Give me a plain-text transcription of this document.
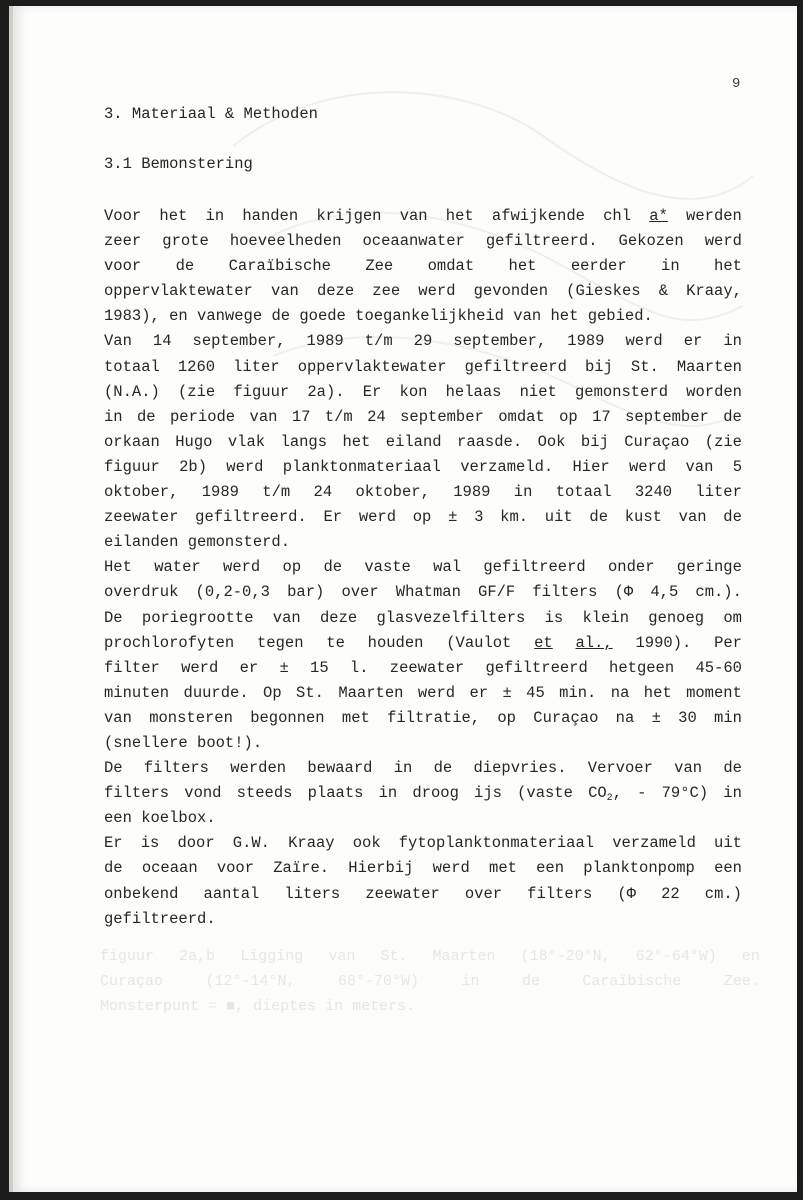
9
3. Materiaal & Methoden
3.1 Bemonstering
Voor het in handen krijgen van het afwijkende chl a* werden
zeer grote hoeveelheden oceaanwater gefiltreerd. Gekozen werd
voor de Caraïbische Zee omdat het eerder in het
oppervlaktewater van deze zee werd gevonden (Gieskes & Kraay,
1983), en vanwege de goede toegankelijkheid van het gebied.
Van 14 september, 1989 t/m 29 september, 1989 werd er in
totaal 1260 liter oppervlaktewater gefiltreerd bij St. Maarten
(N.A.) (zie figuur 2a). Er kon helaas niet gemonsterd worden
in de periode van 17 t/m 24 september omdat op 17 september de
orkaan Hugo vlak langs het eiland raasde. Ook bij Curaçao (zie
figuur 2b) werd planktonmateriaal verzameld. Hier werd van 5
oktober, 1989 t/m 24 oktober, 1989 in totaal 3240 liter
zeewater gefiltreerd. Er werd op ± 3 km. uit de kust van de
eilanden gemonsterd.
Het water werd op de vaste wal gefiltreerd onder geringe
overdruk (0,2-0,3 bar) over Whatman GF/F filters (Φ 4,5 cm.).
De poriegrootte van deze glasvezelfilters is klein genoeg om
prochlorofyten tegen te houden (Vaulot et al., 1990). Per
filter werd er ± 15 l. zeewater gefiltreerd hetgeen 45-60
minuten duurde. Op St. Maarten werd er ± 45 min. na het moment
van monsteren begonnen met filtratie, op Curaçao na ± 30 min
(snellere boot!).
De filters werden bewaard in de diepvries. Vervoer van de
filters vond steeds plaats in droog ijs (vaste $CO_2$, - 79°C) in
een koelbox.
Er is door G.W. Kraay ook fytoplanktonmateriaal verzameld uit
de oceaan voor Zaïre. Hierbij werd met een planktonpomp een
onbekend aantal liters zeewater over filters (Φ 22 cm.)
gefiltreerd.
figuur 2a,b Ligging van St. Maarten (18°-20°N, 62°-64°W) en
Curaçao	(12°-14°N,	68°-70°W)	in	de	Caraïbische	Zee.
Monsterpunt = ■, dieptes in meters.
